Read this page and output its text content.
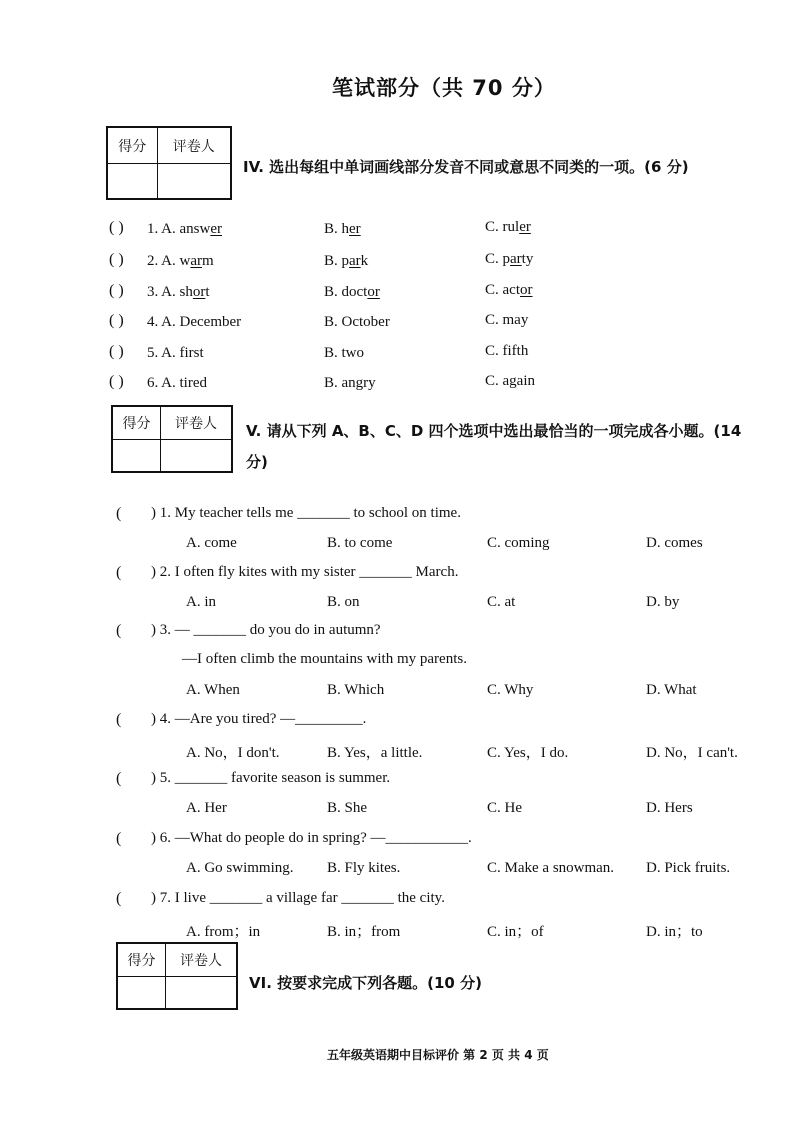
笔试部分（共 70 分）
得分	评卷人

IV. 选出每组中单词画线部分发音不同或意思不同类的一项。(6 分)
( ) 1. A. answer	B. her	C. ruler
( ) 2. A. warm	B. park	C. party
( ) 3. A. short	B. doctor	C. actor
( ) 4. A. December	B. October	C. may
( ) 5. A. first	B. two	C. fifth
( ) 6. A. tired	B. angry	C. again
得分	评卷人
	V. 请从下列 A、B、C、D 四个选项中选出最恰当的一项完成各小题。(14
分)
( ) 1. My teacher tells me _______ to school on time.
A. come	B. to come	C. coming	D. comes
( ) 2. I often fly kites with my sister _______ March.
A. in	B. on	C. at	D. by
( ) 3. — _______ do you do in autumn?
—I often climb the mountains with my parents.
A. When	B. Which	C. Why	D. What
( ) 4. —Are you tired? —_________.
A. No，I don't.	B. Yes，a little.	C. Yes，I do.	D. No，I can't.
( ) 5. _______ favorite season is summer.
A. Her	B. She	C. He	D. Hers
( ) 6. —What do people do in spring? —___________.
A. Go swimming. B. Fly kites.	C. Make a snowman. D. Pick fruits.
( ) 7. I live _______ a village far _______ the city.
A. from；in	B. in；from	C. in；of	D. in；to
得分	评卷人

VI. 按要求完成下列各题。(10 分)
五年级英语期中目标评价 第 2 页 共 4 页
